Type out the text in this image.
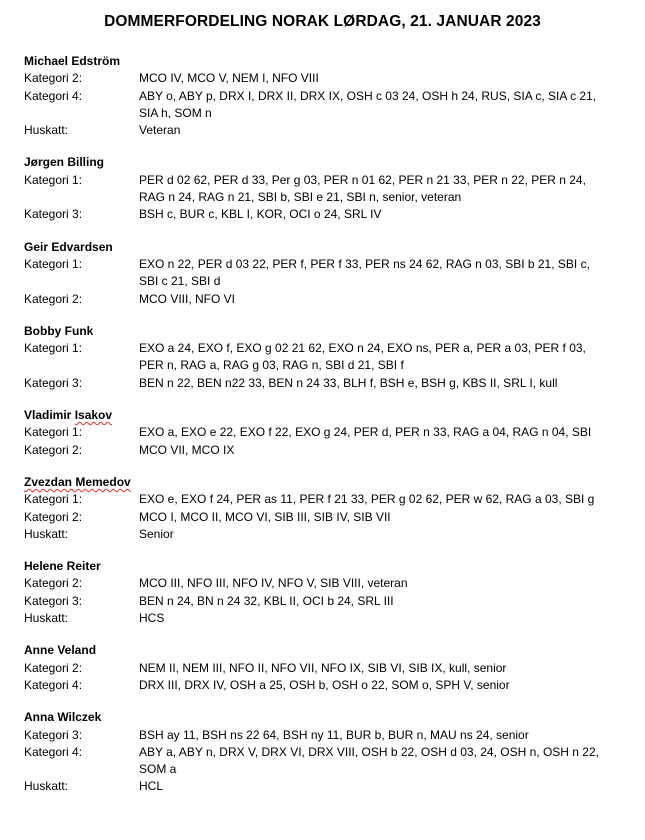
DOMMERFORDELING NORAK LØRDAG, 21. JANUAR 2023
Michael Edström
Kategori 2:	MCO IV, MCO V, NEM I, NFO VIII
Kategori 4:	ABY o, ABY p, DRX I, DRX II, DRX IX, OSH c 03 24, OSH h 24, RUS, SIA c, SIA c 21,
SIA h, SOM n
Huskatt:	Veteran
Jørgen Billing
Kategori 1:	PER d 02 62, PER d 33, Per g 03, PER n 01 62, PER n 21 33, PER n 22, PER n 24,
RAG n 24, RAG n 21, SBI b, SBI e 21, SBI n, senior, veteran
Kategori 3:	BSH c, BUR c, KBL I, KOR, OCI o 24, SRL IV
Geir Edvardsen
Kategori 1:	EXO n 22, PER d 03 22, PER f, PER f 33, PER ns 24 62, RAG n 03, SBI b 21, SBI c,
SBI c 21, SBI d
Kategori 2:	MCO VIII, NFO VI
Bobby Funk
Kategori 1:	EXO a 24, EXO f, EXO g 02 21 62, EXO n 24, EXO ns, PER a, PER a 03, PER f 03,
PER n, RAG a, RAG g 03, RAG n, SBI d 21, SBI f
Kategori 3:	BEN n 22, BEN n22 33, BEN n 24 33, BLH f, BSH e, BSH g, KBS II, SRL I, kull
Vladimir Isakov
Kategori 1:	EXO a, EXO e 22, EXO f 22, EXO g 24, PER d, PER n 33, RAG a 04, RAG n 04, SBI
Kategori 2:	MCO VII, MCO IX
Zvezdan Memedov
Kategori 1:	EXO e, EXO f 24, PER as 11, PER f 21 33, PER g 02 62, PER w 62, RAG a 03, SBI g
Kategori 2:	MCO I, MCO II, MCO VI, SIB III, SIB IV, SIB VII
Huskatt:	Senior
Helene Reiter
Kategori 2:	MCO III, NFO III, NFO IV, NFO V, SIB VIII, veteran
Kategori 3:	BEN n 24, BN n 24 32, KBL II, OCI b 24, SRL III
Huskatt:	HCS
Anne Veland
Kategori 2:	NEM II, NEM III, NFO II, NFO VII, NFO IX, SIB VI, SIB IX, kull, senior
Kategori 4:	DRX III, DRX IV, OSH a 25, OSH b, OSH o 22, SOM o, SPH V, senior
Anna Wilczek
Kategori 3:	BSH ay 11, BSH ns 22 64, BSH ny 11, BUR b, BUR n, MAU ns 24, senior
Kategori 4:	ABY a, ABY n, DRX V, DRX VI, DRX VIII, OSH b 22, OSH d 03, 24, OSH n, OSH n 22,
SOM a
Huskatt:	HCL
